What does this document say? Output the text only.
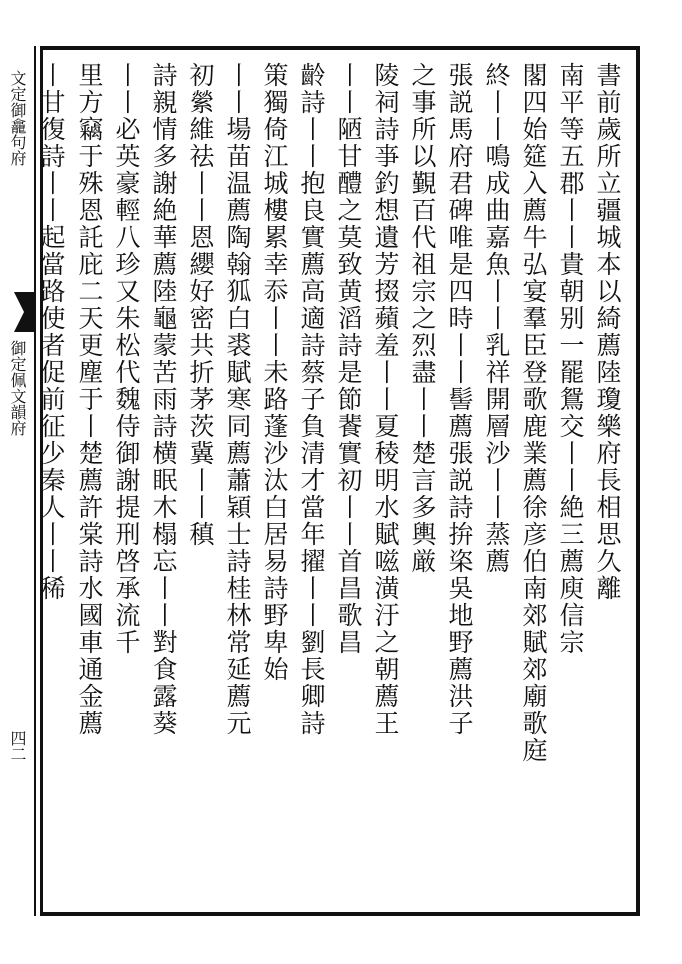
文定御龕句府
御定佩文韻府
四二
書前歲所立疆城本以綺薦陸瓊樂府長相思久離
南平等五郡丨丨貴朝别一罷鴛交丨丨絶三薦庾信宗
閣四始筵入薦牛弘宴羣臣登歌鹿業薦徐彦伯南郊賦郊廟歌庭
終丨丨鳴成曲嘉魚丨丨乳祥開層沙丨丨蒸薦
張説馬府君碑唯是四時丨丨髻薦張説詩拚栥吳地野薦洪子
之事所以覲百代祖宗之烈盡丨丨楚言多輿厳
陵祠詩亊釣想遺芳掇蘋羞丨丨夏稜明水賦嗞潢汙之朝薦王
丨丨陋甘醴之莫致黄滔詩是節餥實初丨丨首昌歌昌
齡詩丨丨抱良實薦高適詩蔡子負清才當年擢丨丨劉長卿詩
策獨倚江城樓累幸忝丨丨未路蓬沙汰白居易詩野卑始
丨丨場苗温薦陶翰狐白裘賦寒同薦蕭穎士詩桂林常延薦元
初縈維祛丨丨恩纓好密共折茅茨冀丨丨稹
詩親情多謝絶華薦陸龜蒙苦雨詩横眠木榻忘丨丨對食露葵
丨丨必英豪輕八珍又朱松代魏侍御謝提刑啓承流千
里方竊于殊恩託庇二天更塵于丨楚薦許棠詩水國車通金薦
丨甘復詩丨丨起當路使者促前征少秦人丨丨稀
